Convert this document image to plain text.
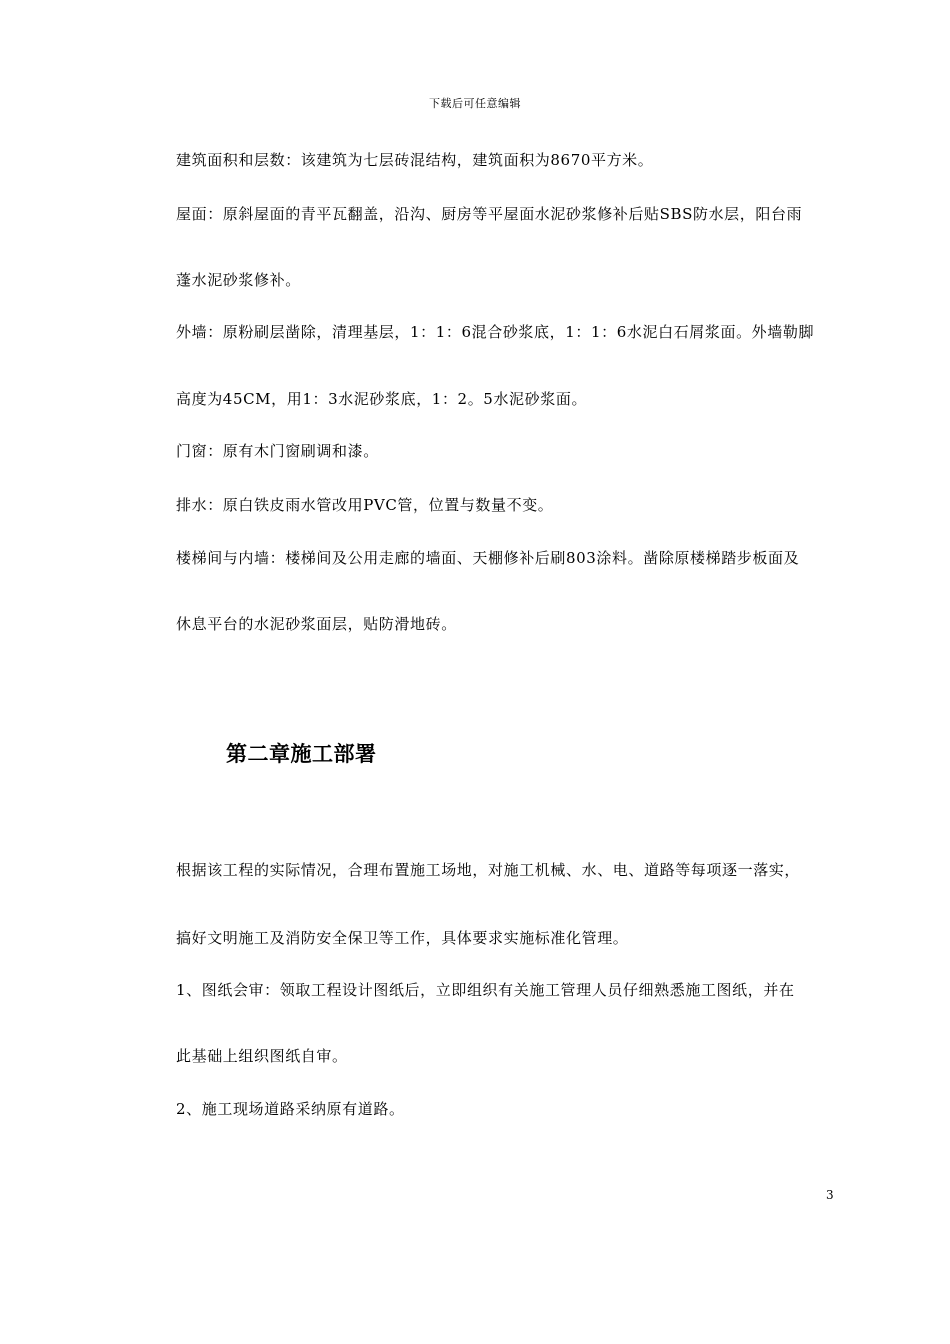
下载后可任意编辑
建筑面积和层数：该建筑为七层砖混结构，建筑面积为8670平方米。
屋面：原斜屋面的青平瓦翻盖，沿沟、厨房等平屋面水泥砂浆修补后贴SBS防水层，阳台雨
蓬水泥砂浆修补。
外墙：原粉刷层凿除，清理基层，1：1：6混合砂浆底，1：1：6水泥白石屑浆面。外墙勒脚
高度为45CM，用1：3水泥砂浆底，1：2。5水泥砂浆面。
门窗：原有木门窗刷调和漆。
排水：原白铁皮雨水管改用PVC管，位置与数量不变。
楼梯间与内墙：楼梯间及公用走廊的墙面、天棚修补后刷803涂料。凿除原楼梯踏步板面及
休息平台的水泥砂浆面层，贴防滑地砖。
第二章施工部署
根据该工程的实际情况，合理布置施工场地，对施工机械、水、电、道路等每项逐一落实，
搞好文明施工及消防安全保卫等工作，具体要求实施标准化管理。
1、图纸会审：领取工程设计图纸后，立即组织有关施工管理人员仔细熟悉施工图纸，并在
此基础上组织图纸自审。
2、施工现场道路采纳原有道路。
3
